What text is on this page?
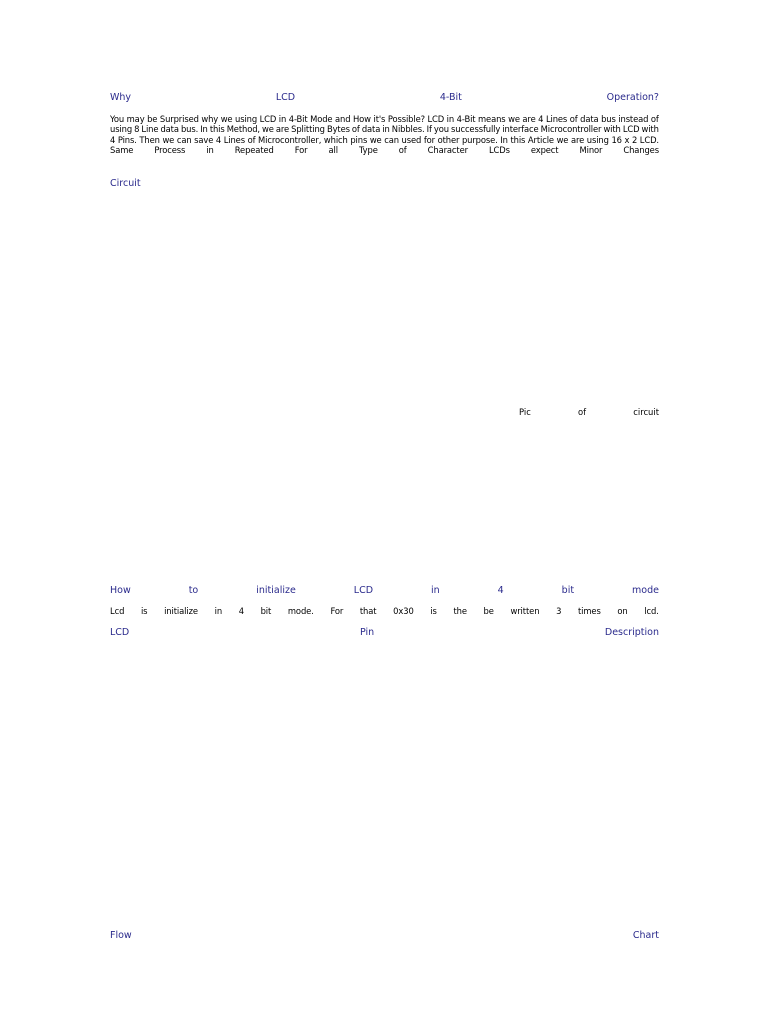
Why	LCD	4-Bit	Operation?
You may be Surprised why we using LCD in 4-Bit Mode and How it's Possible? LCD in 4-Bit means we are 4 Lines of data bus instead of
using 8 Line data bus. In this Method, we are Splitting Bytes of data in Nibbles. If you successfully interface Microcontroller with LCD with
4 Pins. Then we can save 4 Lines of Microcontroller, which pins we can used for other purpose. In this Article we are using 16 x 2 LCD.
Same	Process	in	Repeated	For	all	Type	of	Character	LCDs	expect	Minor	Changes
Circuit
Pic	of	circuit
How	to	initialize	LCD	in	4	bit	mode
Lcd is initialize in 4 bit mode. For that 0x30 is the be written 3 times on lcd.
LCD	Pin	Description
Flow	Chart
